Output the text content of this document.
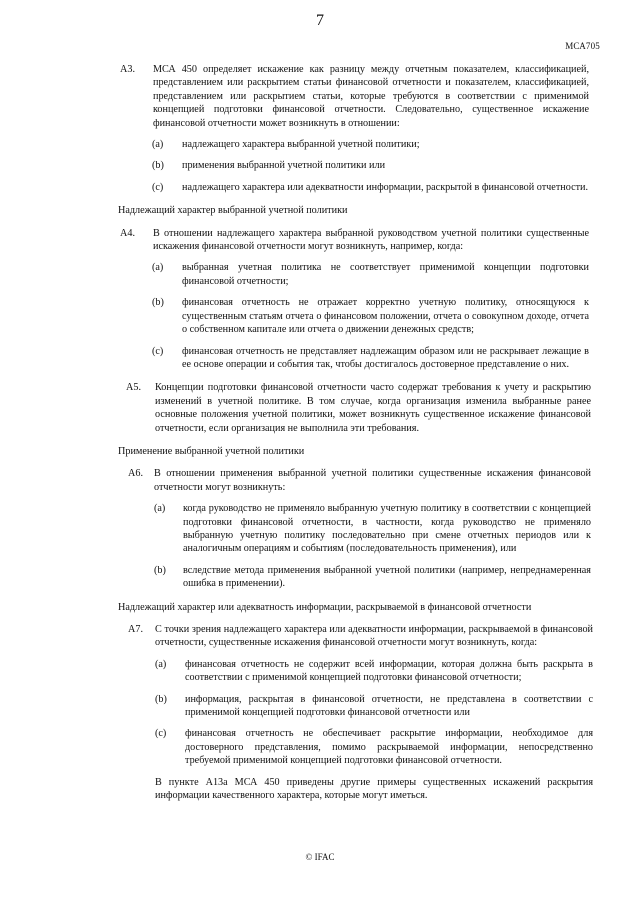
7
МСА705
A3. МСА 450 определяет искажение как разницу между отчетным показателем, классификацией, представлением или раскрытием статьи финансовой отчетности и показателем, классификацией, представлением или раскрытием статьи, которые требуются в соответствии с применимой концепцией подготовки финансовой отчетности. Следовательно, существенное искажение финансовой отчетности может возникнуть в отношении:
(a) надлежащего характера выбранной учетной политики;
(b) применения выбранной учетной политики или
(c) надлежащего характера или адекватности информации, раскрытой в финансовой отчетности.
Надлежащий характер выбранной учетной политики
A4. В отношении надлежащего характера выбранной руководством учетной политики существенные искажения финансовой отчетности могут возникнуть, например, когда:
(a) выбранная учетная политика не соответствует применимой концепции подготовки финансовой отчетности;
(b) финансовая отчетность не отражает корректно учетную политику, относящуюся к существенным статьям отчета о финансовом положении, отчета о совокупном доходе, отчета о собственном капитале или отчета о движении денежных средств;
(c) финансовая отчетность не представляет надлежащим образом или не раскрывает лежащие в ее основе операции и события так, чтобы достигалось достоверное представление о них.
A5. Концепции подготовки финансовой отчетности часто содержат требования к учету и раскрытию изменений в учетной политике. В том случае, когда организация изменила выбранные ранее основные положения учетной политики, может возникнуть существенное искажение финансовой отчетности, если организация не выполнила эти требования.
Применение выбранной учетной политики
A6. В отношении применения выбранной учетной политики существенные искажения финансовой отчетности могут возникнуть:
(a) когда руководство не применяло выбранную учетную политику в соответствии с концепцией подготовки финансовой отчетности, в частности, когда руководство не применяло выбранную учетную политику последовательно при смене отчетных периодов или к аналогичным операциям и событиям (последовательность применения), или
(b) вследствие метода применения выбранной учетной политики (например, непреднамеренная ошибка в применении).
Надлежащий характер или адекватность информации, раскрываемой в финансовой отчетности
A7. С точки зрения надлежащего характера или адекватности информации, раскрываемой в финансовой отчетности, существенные искажения финансовой отчетности могут возникнуть, когда:
(a) финансовая отчетность не содержит всей информации, которая должна быть раскрыта в соответствии с применимой концепцией подготовки финансовой отчетности;
(b) информация, раскрытая в финансовой отчетности, не представлена в соответствии с применимой концепцией подготовки финансовой отчетности или
(c) финансовая отчетность не обеспечивает раскрытие информации, необходимое для достоверного представления, помимо раскрываемой информации, непосредственно требуемой применимой концепцией подготовки финансовой отчетности.
В пункте A13a МСА 450 приведены другие примеры существенных искажений раскрытия информации качественного характера, которые могут иметься.
© IFAC
